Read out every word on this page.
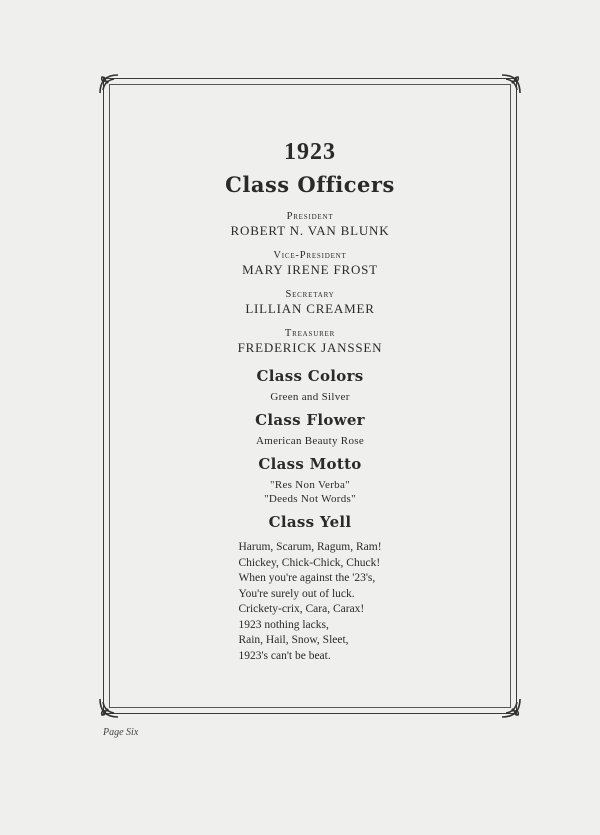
1923
Class Officers
President
ROBERT N. VAN BLUNK
Vice-President
MARY IRENE FROST
Secretary
LILLIAN CREAMER
Treasurer
FREDERICK JANSSEN
Class Colors
Green and Silver
Class Flower
American Beauty Rose
Class Motto
"Res Non Verba"
"Deeds Not Words"
Class Yell
Harum, Scarum, Ragum, Ram!
Chickey, Chick-Chick, Chuck!
When you're against the '23's,
You're surely out of luck.
Crickety-crix, Cara, Carax!
1923 nothing lacks,
Rain, Hail, Snow, Sleet,
1923's can't be beat.
Page Six
